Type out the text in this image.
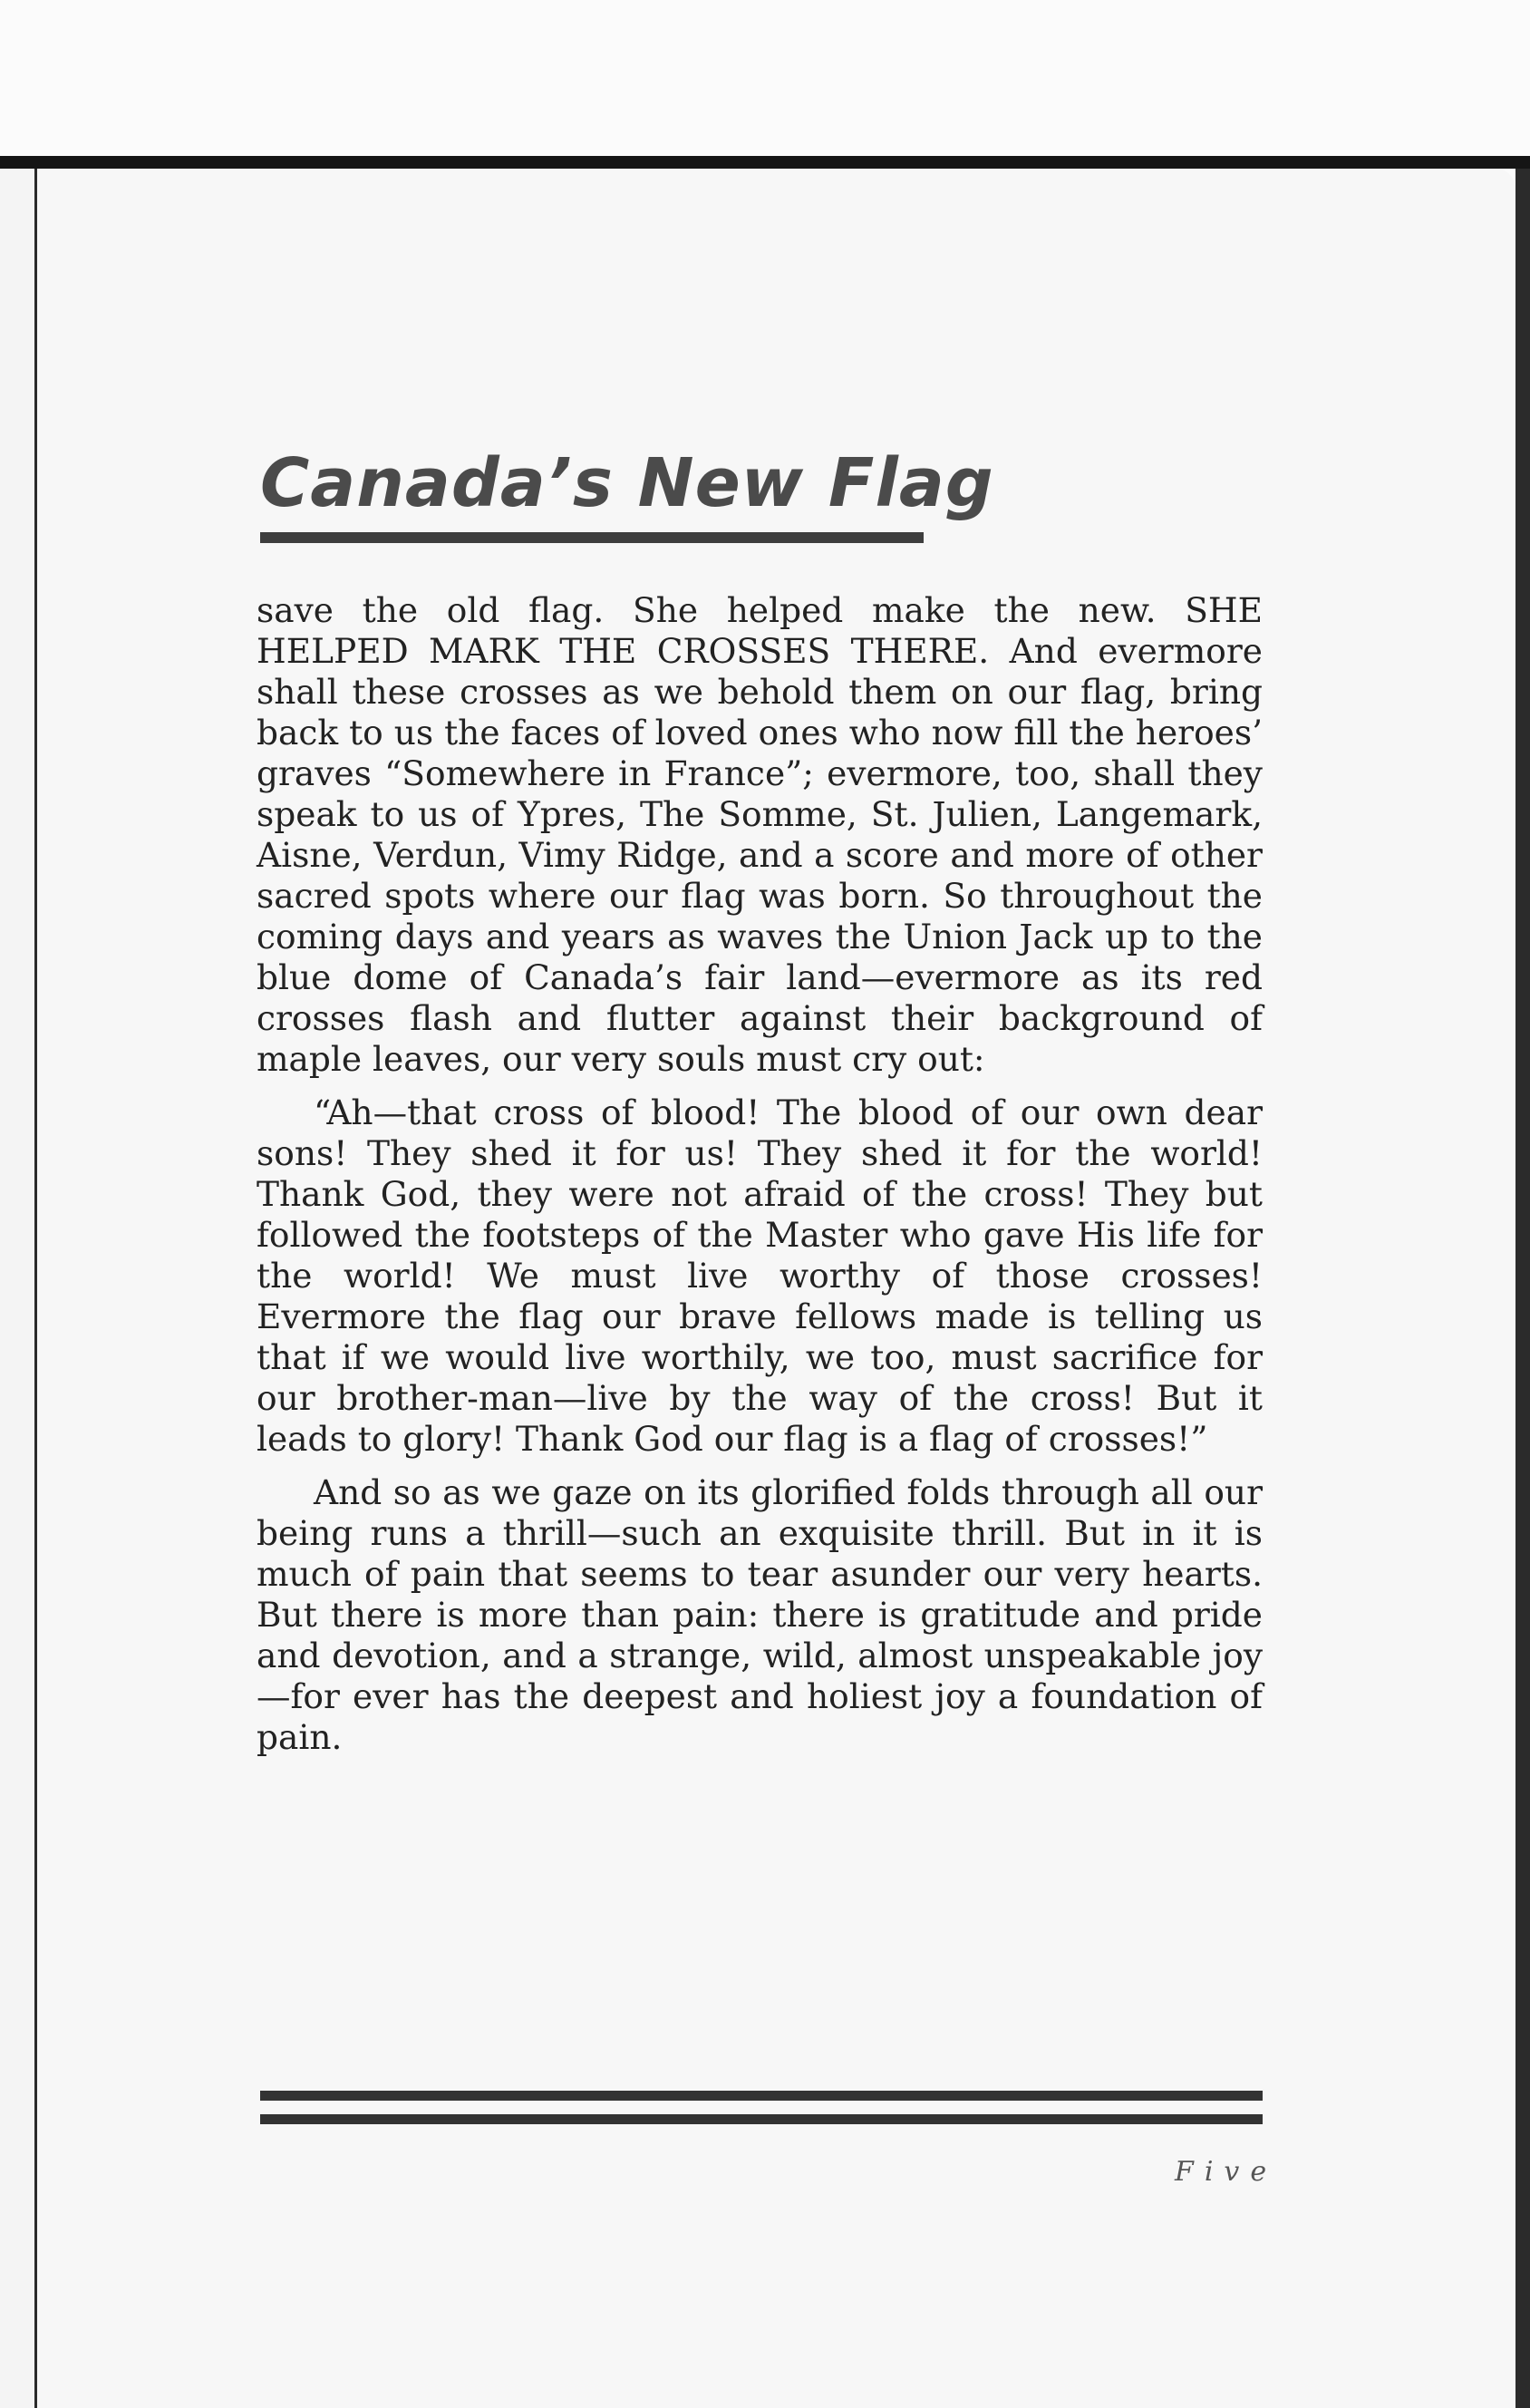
Canada’s New Flag

save the old flag. She helped make the new. SHE HELPED MARK THE CROSSES THERE. And evermore shall these crosses as we behold them on our flag, bring back to us the faces of loved ones who now fill the heroes’ graves “Somewhere in France”; evermore, too, shall they speak to us of Ypres, The Somme, St. Julien, Langemark, Aisne, Verdun, Vimy Ridge, and a score and more of other sacred spots where our flag was born. So throughout the coming days and years as waves the Union Jack up to the blue dome of Canada’s fair land—evermore as its red crosses flash and flutter against their background of maple leaves, our very souls must cry out:

“Ah—that cross of blood! The blood of our own dear sons! They shed it for us! They shed it for the world! Thank God, they were not afraid of the cross! They but followed the footsteps of the Master who gave His life for the world! We must live worthy of those crosses! Evermore the flag our brave fellows made is telling us that if we would live worthily, we too, must sacrifice for our brother-man—live by the way of the cross! But it leads to glory! Thank God our flag is a flag of crosses!”

And so as we gaze on its glorified folds through all our being runs a thrill—such an exquisite thrill. But in it is much of pain that seems to tear asunder our very hearts. But there is more than pain: there is gratitude and pride and devotion, and a strange, wild, almost unspeakable joy—for ever has the deepest and holiest joy a foundation of pain.

Five
